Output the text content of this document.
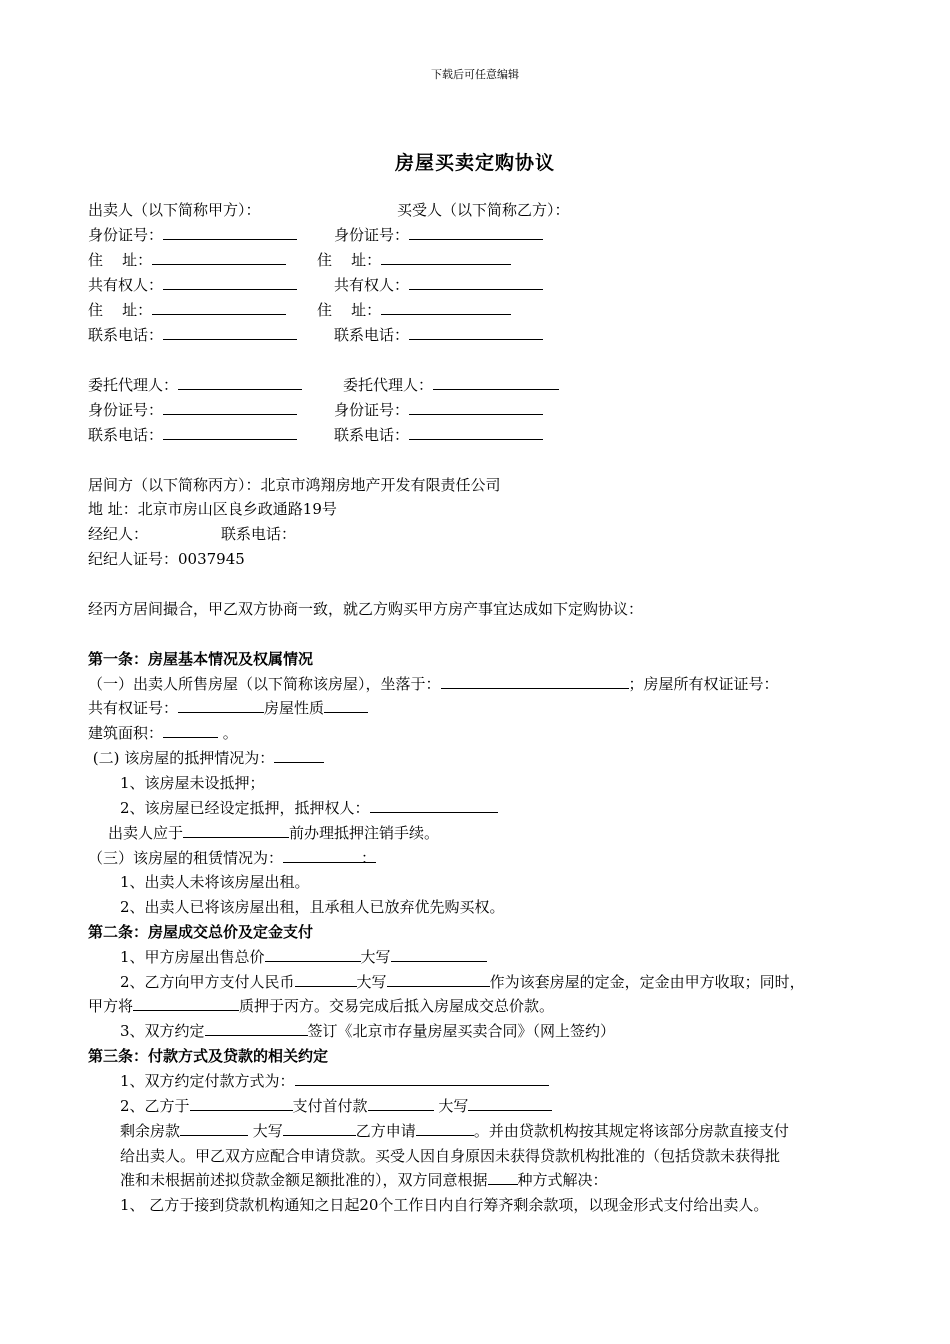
下载后可任意编辑
房屋买卖定购协议
出卖人（以下简称甲方）：	买受人（以下简称乙方）：
身份证号：	身份证号：
住    址：	住    址：
共有权人：	共有权人：
住    址：	住    址：
联系电话：	联系电话：
委托代理人：	委托代理人：
身份证号：	身份证号：
联系电话：	联系电话：
居间方（以下简称丙方）：北京市鸿翔房地产开发有限责任公司
地 址：北京市房山区良乡政通路19号
经纪人：	联系电话：
纪纪人证号：0037945
经丙方居间撮合，甲乙双方协商一致，就乙方购买甲方房产事宜达成如下定购协议：
第一条：房屋基本情况及权属情况
（一）出卖人所售房屋（以下简称该房屋），坐落于：	；房屋所有权证证号：
共有权证号：	房屋性质
建筑面积：	。
(二) 该房屋的抵押情况为：
1、该房屋未设抵押；
2、该房屋已经设定抵押，抵押权人：
出卖人应于	前办理抵押注销手续。
（三）该房屋的租赁情况为：	：
1、出卖人未将该房屋出租。
2、出卖人已将该房屋出租，且承租人已放弃优先购买权。
第二条：房屋成交总价及定金支付
1、甲方房屋出售总价	大写
2、乙方向甲方支付人民币	大写	作为该套房屋的定金，定金由甲方收取；同时，
甲方将	质押于丙方。交易完成后抵入房屋成交总价款。
3、双方约定	签订《北京市存量房屋买卖合同》（网上签约）
第三条：付款方式及贷款的相关约定
1、双方约定付款方式为：
2、乙方于	支付首付款	大写
剩余房款	大写	乙方申请	。并由贷款机构按其规定将该部分房款直接支付
给出卖人。甲乙双方应配合申请贷款。买受人因自身原因未获得贷款机构批准的（包括贷款未获得批
准和未根据前述拟贷款金额足额批准的），双方同意根据 种方式解决：
1、 乙方于接到贷款机构通知之日起20个工作日内自行筹齐剩余款项，以现金形式支付给出卖人。
